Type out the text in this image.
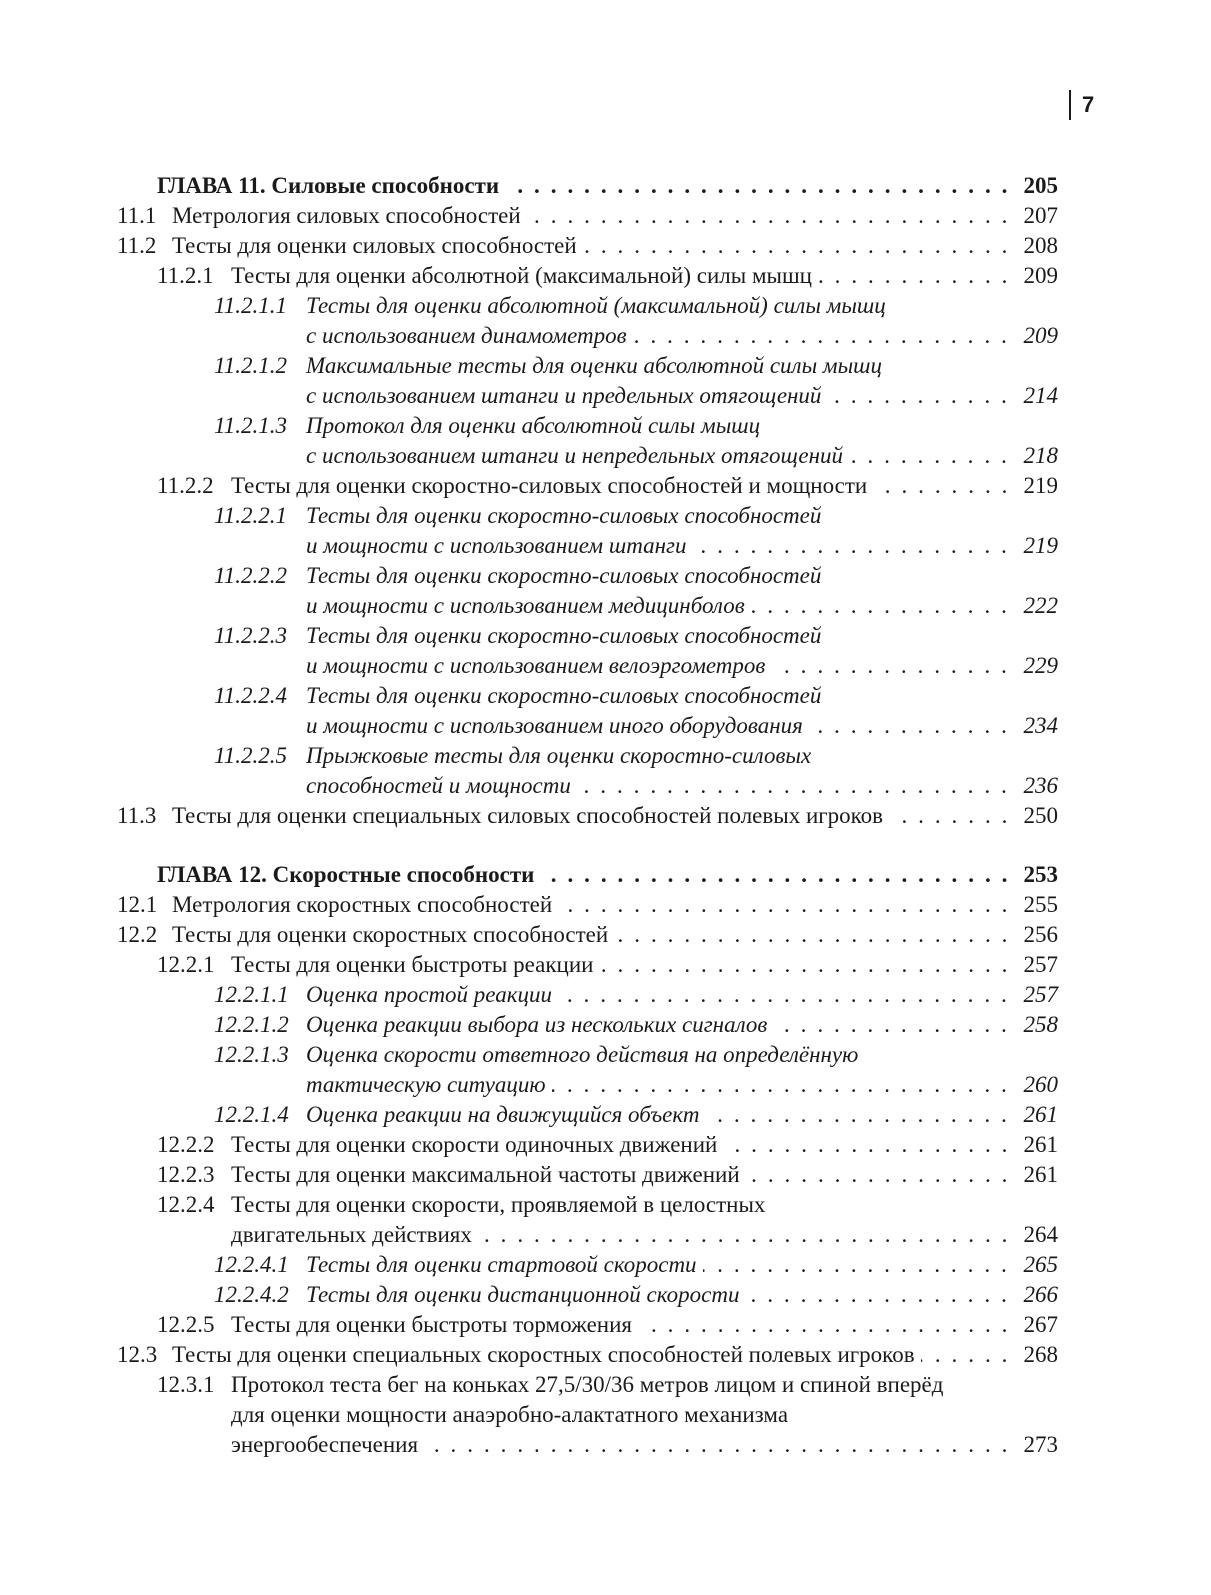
7
ГЛАВА 11. Силовые способности . . .	205
11.1 Метрология силовых способностей . . .	207
11.2 Тесты для оценки силовых способностей . . .	208
11.2.1 Тесты для оценки абсолютной (максимальной) силы мышц . . .	209
11.2.1.1 Тесты для оценки абсолютной (максимальной) силы мышц
с использованием динамометров . . .	209
11.2.1.2 Максимальные тесты для оценки абсолютной силы мышц
с использованием штанги и предельных отягощений . . .	214
11.2.1.3 Протокол для оценки абсолютной силы мышц
с использованием штанги и непредельных отягощений . . .	218
11.2.2 Тесты для оценки скоростно-силовых способностей и мощности . . .	219
11.2.2.1 Тесты для оценки скоростно-силовых способностей
и мощности с использованием штанги . . .	219
11.2.2.2 Тесты для оценки скоростно-силовых способностей
и мощности с использованием медицинболов . . .	222
11.2.2.3 Тесты для оценки скоростно-силовых способностей
и мощности с использованием велоэргометров . . .	229
11.2.2.4 Тесты для оценки скоростно-силовых способностей
и мощности с использованием иного оборудования . . .	234
11.2.2.5 Прыжковые тесты для оценки скоростно-силовых
способностей и мощности . . .	236
11.3 Тесты для оценки специальных силовых способностей полевых игроков . . .	250
ГЛАВА 12. Скоростные способности . . .	253
12.1 Метрология скоростных способностей . . .	255
12.2 Тесты для оценки скоростных способностей . . .	256
12.2.1 Тесты для оценки быстроты реакции . . .	257
12.2.1.1 Оценка простой реакции . . .	257
12.2.1.2 Оценка реакции выбора из нескольких сигналов . . .	258
12.2.1.3 Оценка скорости ответного действия на определённую
тактическую ситуацию . . .	260
12.2.1.4 Оценка реакции на движущийся объект . . .	261
12.2.2 Тесты для оценки скорости одиночных движений . . .	261
12.2.3 Тесты для оценки максимальной частоты движений . . .	261
12.2.4 Тесты для оценки скорости, проявляемой в целостных
двигательных действиях . . .	264
12.2.4.1 Тесты для оценки стартовой скорости . . .	265
12.2.4.2 Тесты для оценки дистанционной скорости . . .	266
12.2.5 Тесты для оценки быстроты торможения . . .	267
12.3 Тесты для оценки специальных скоростных способностей полевых игроков . . .	268
12.3.1 Протокол теста бег на коньках 27,5/30/36 метров лицом и спиной вперёд
для оценки мощности анаэробно-алактатного механизма
энергообеспечения . . .	273
